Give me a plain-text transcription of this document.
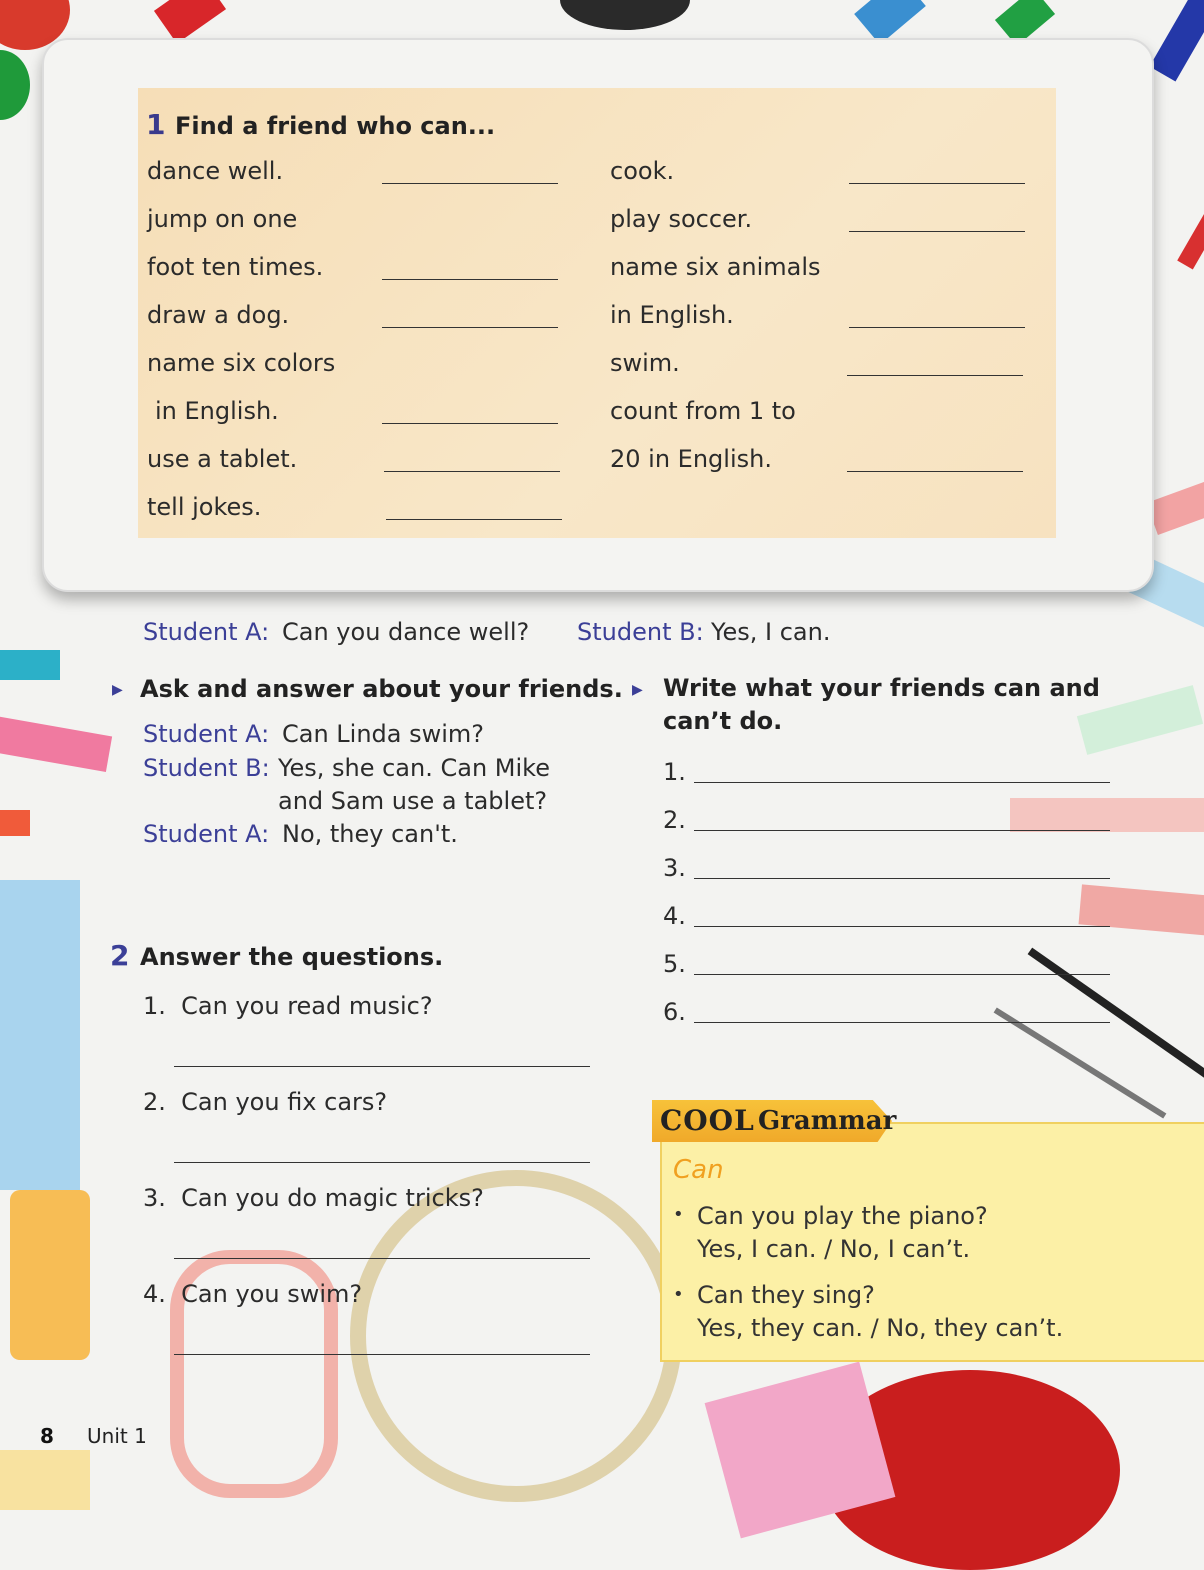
1 Find a friend who can...
dance well.
jump on one
foot ten times.
draw a dog.
name six colors
in English.
use a tablet.
tell jokes.
cook.
play soccer.
name six animals
in English.
swim.
count from 1 to
20 in English.
Student A: Can you dance well? Student B: Yes, I can.
▶ Ask and answer about your friends.
Student A: Can Linda swim?
Student B: Yes, she can. Can Mike
and Sam use a tablet?
Student A: No, they can't.
▶ Write what your friends can and
can’t do.
1.
2.
3.
4.
5.
6.
2 Answer the questions.
1.  Can you read music?
2.  Can you fix cars?
3.  Can you do magic tricks?
4.  Can you swim?
COOL Grammar
Can
• Can you play the piano?
Yes, I can. / No, I can’t.
• Can they sing?
Yes, they can. / No, they can’t.
8 Unit 1
